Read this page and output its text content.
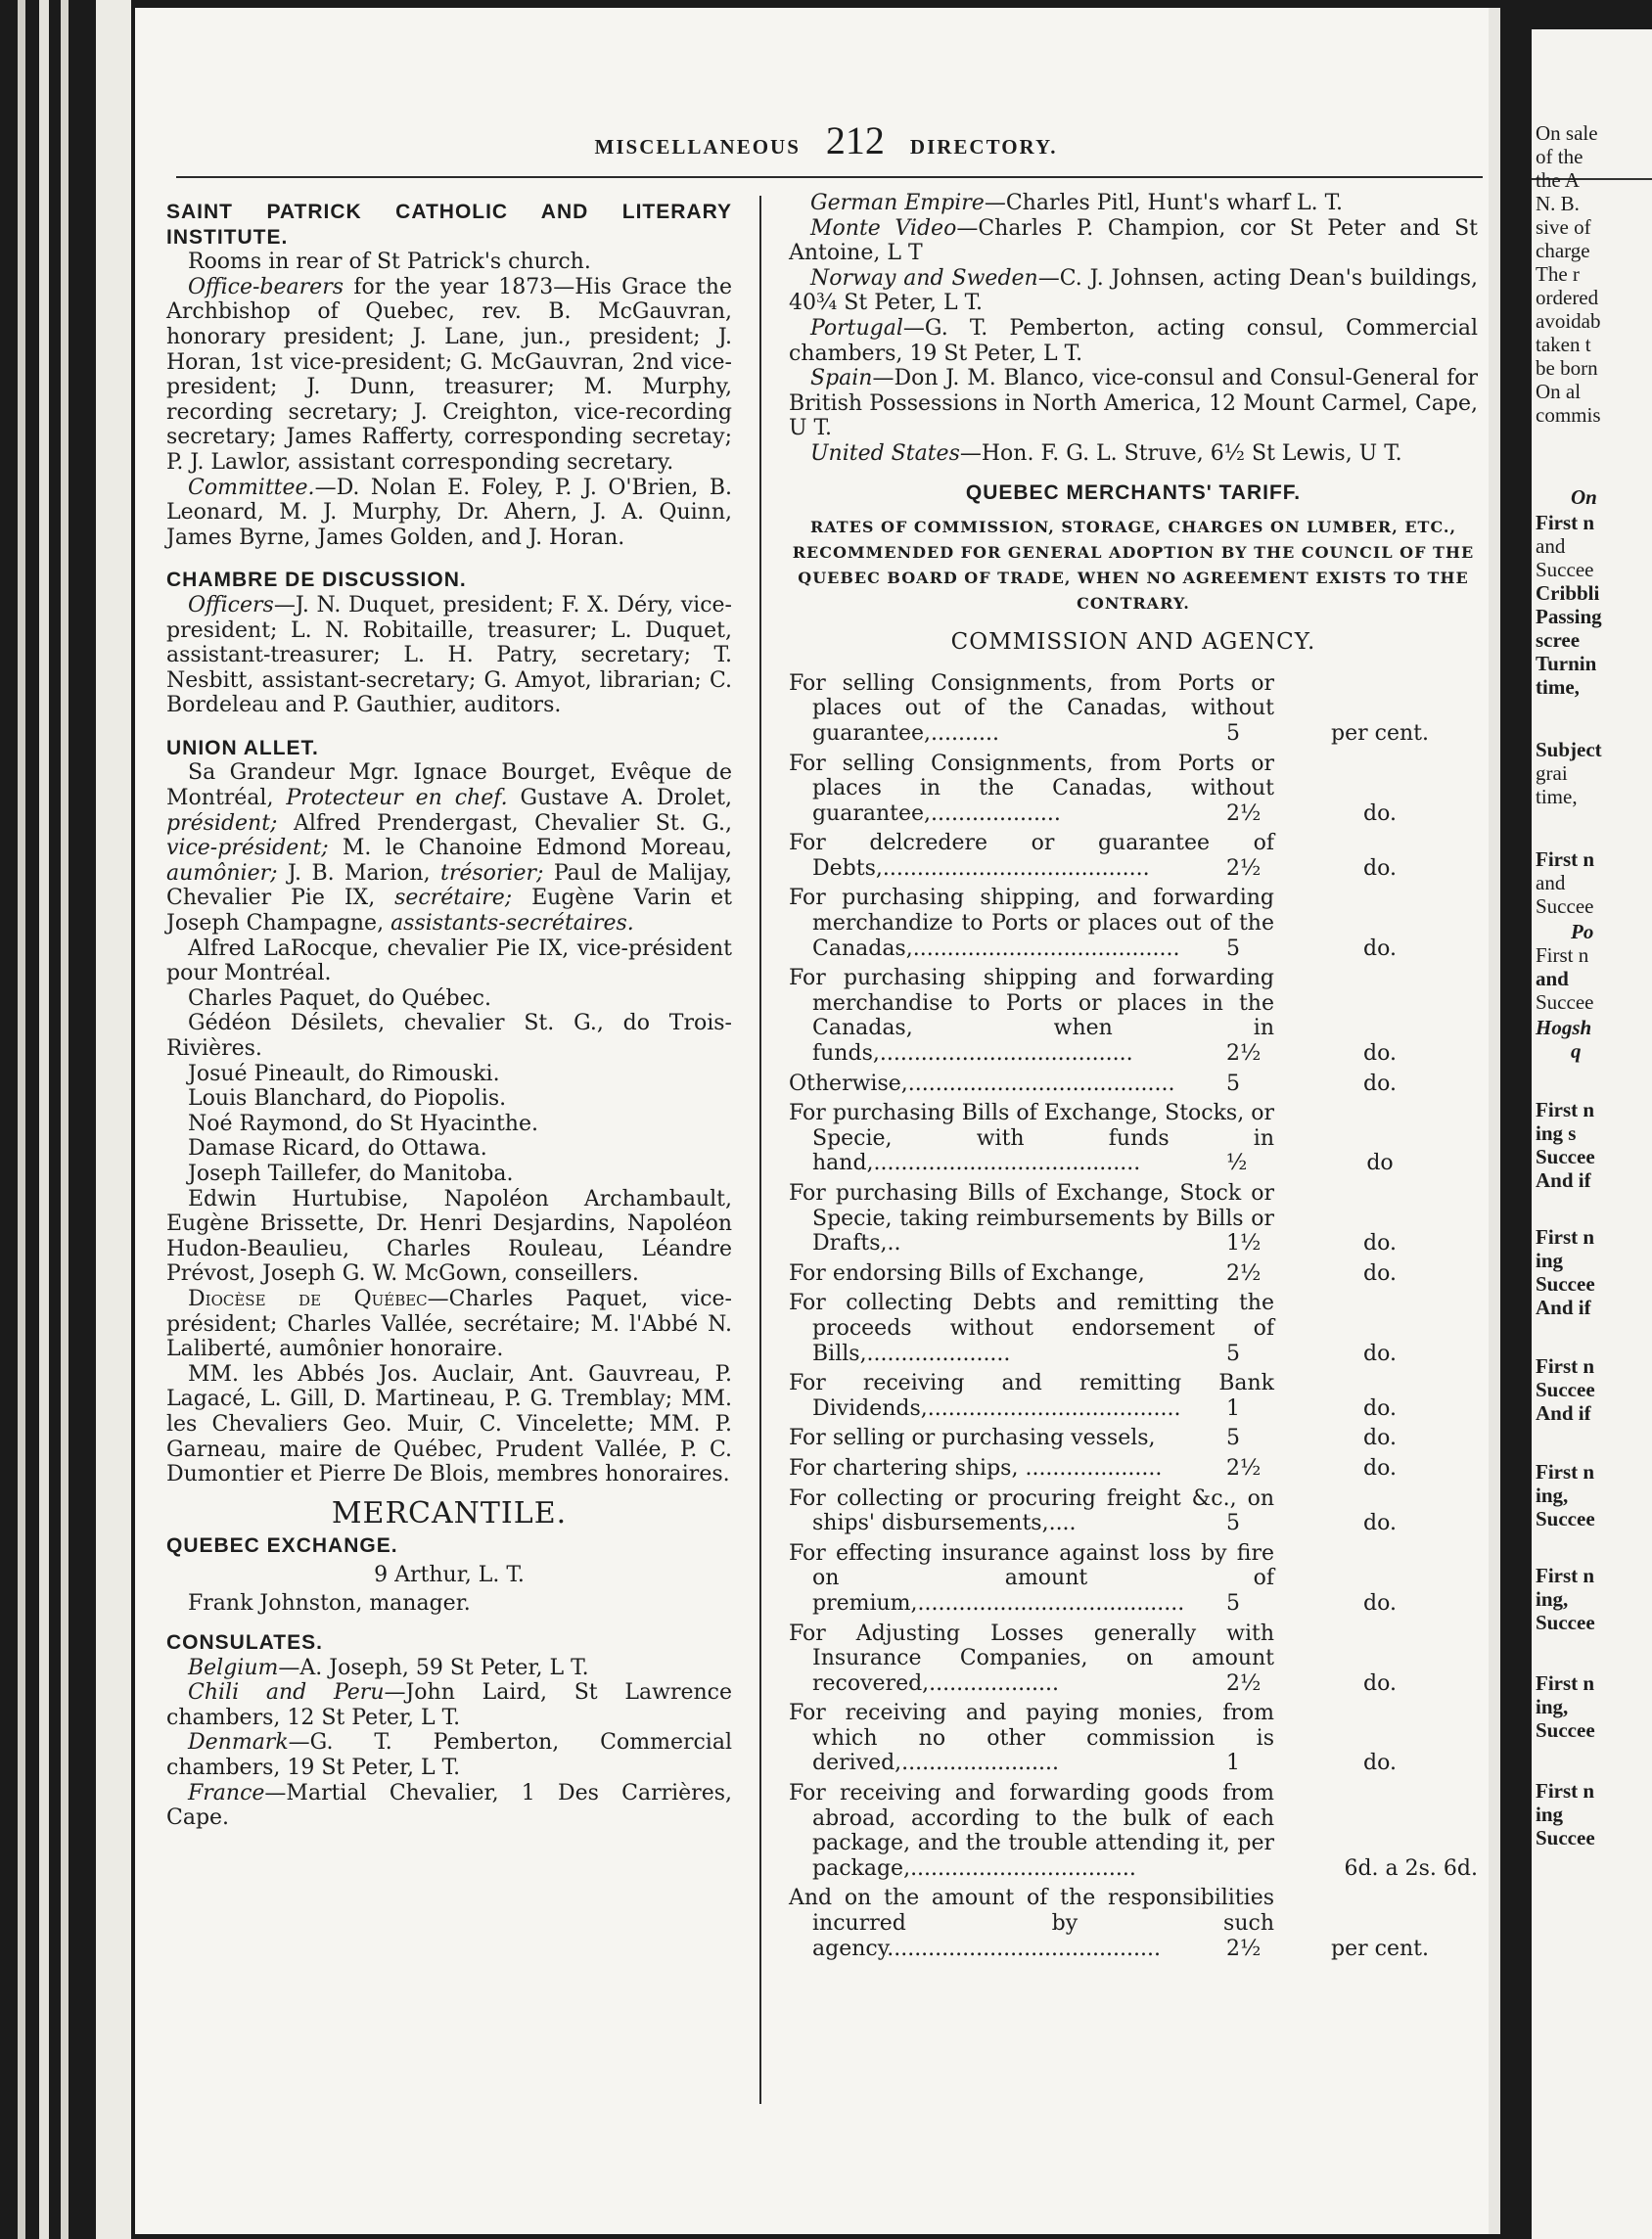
MISCELLANEOUS 212 DIRECTORY.
SAINT PATRICK CATHOLIC AND LITERARY INSTITUTE.
Rooms in rear of St Patrick's church.
Office-bearers for the year 1873—His Grace the Archbishop of Quebec, rev. B. McGauvran, honorary president; J. Lane, jun., president; J. Horan, 1st vice-president; G. McGauvran, 2nd vice-president; J. Dunn, treasurer; M. Murphy, recording secretary; J. Creighton, vice-recording secretary; James Rafferty, corresponding secretay; P. J. Lawlor, assistant corresponding secretary.
Committee.—D. Nolan E. Foley, P. J. O'Brien, B. Leonard, M. J. Murphy, Dr. Ahern, J. A. Quinn, James Byrne, James Golden, and J. Horan.
CHAMBRE DE DISCUSSION.
Officers—J. N. Duquet, president; F. X. Déry, vice-president; L. N. Robitaille, treasurer; L. Duquet, assistant-treasurer; L. H. Patry, secretary; T. Nesbitt, assistant-secretary; G. Amyot, librarian; C. Bordeleau and P. Gauthier, auditors.
UNION ALLET.
Sa Grandeur Mgr. Ignace Bourget, Evêque de Montréal, Protecteur en chef. Gustave A. Drolet, président; Alfred Prendergast, Chevalier St. G., vice-président; M. le Chanoine Edmond Moreau, aumônier; J. B. Marion, trésorier; Paul de Malijay, Chevalier Pie IX, secrétaire; Eugène Varin et Joseph Champagne, assistants-secrétaires.
Alfred LaRocque, chevalier Pie IX, vice-président pour Montréal.
Charles Paquet, do Québec.
Gédéon Désilets, chevalier St. G., do Trois-Rivières.
Josué Pineault, do Rimouski.
Louis Blanchard, do Piopolis.
Noé Raymond, do St Hyacinthe.
Damase Ricard, do Ottawa.
Joseph Taillefer, do Manitoba.
Edwin Hurtubise, Napoléon Archambault, Eugène Brissette, Dr. Henri Desjardins, Napoléon Hudon-Beaulieu, Charles Rouleau, Léandre Prévost, Joseph G. W. McGown, conseillers.
Diocèse de Québec—Charles Paquet, vice-président; Charles Vallée, secrétaire; M. l'Abbé N. Laliberté, aumônier honoraire.
MM. les Abbés Jos. Auclair, Ant. Gauvreau, P. Lagacé, L. Gill, D. Martineau, P. G. Tremblay; MM. les Chevaliers Geo. Muir, C. Vincelette; MM. P. Garneau, maire de Québec, Prudent Vallée, P. C. Dumontier et Pierre De Blois, membres honoraires.
MERCANTILE.
QUEBEC EXCHANGE.
9 Arthur, L. T.
Frank Johnston, manager.
CONSULATES.
Belgium—A. Joseph, 59 St Peter, L T.
Chili and Peru—John Laird, St Lawrence chambers, 12 St Peter, L T.
Denmark—G. T. Pemberton, Commercial chambers, 19 St Peter, L T.
France—Martial Chevalier, 1 Des Carrières, Cape.
German Empire—Charles Pitl, Hunt's wharf L. T.
Monte Video—Charles P. Champion, cor St Peter and St Antoine, L T
Norway and Sweden—C. J. Johnsen, acting Dean's buildings, 40¾ St Peter, L T.
Portugal—G. T. Pemberton, acting consul, Commercial chambers, 19 St Peter, L T.
Spain—Don J. M. Blanco, vice-consul and Consul-General for British Possessions in North America, 12 Mount Carmel, Cape, U T.
United States—Hon. F. G. L. Struve, 6½ St Lewis, U T.
QUEBEC MERCHANTS' TARIFF.
RATES OF COMMISSION, STORAGE, CHARGES ON LUMBER, ETC., RECOMMENDED FOR GENERAL ADOPTION BY THE COUNCIL OF THE QUEBEC BOARD OF TRADE, WHEN NO AGREEMENT EXISTS TO THE CONTRARY.
COMMISSION AND AGENCY.
For selling Consignments, from Ports or places out of the Canadas, without guarantee,..........	5	per cent.
For selling Consignments, from Ports or places in the Canadas, without guarantee,...................	2½	do.
For delcredere or guarantee of Debts,.......................................	2½	do.
For purchasing shipping, and forwarding merchandize to Ports or places out of the Canadas,.......................................	5	do.
For purchasing shipping and forwarding merchandise to Ports or places in the Canadas, when in funds,.....................................	2½	do.
Otherwise,.......................................	5	do.
For purchasing Bills of Exchange, Stocks, or Specie, with funds in hand,.......................................	½	do
For purchasing Bills of Exchange, Stock or Specie, taking reimbursements by Bills or Drafts,..	1½	do.
For endorsing Bills of Exchange,	2½	do.
For collecting Debts and remitting the proceeds without endorsement of Bills,.....................	5	do.
For receiving and remitting Bank Dividends,.....................................	1	do.
For selling or purchasing vessels,	5	do.
For chartering ships, ....................	2½	do.
For collecting or procuring freight &c., on ships' disbursements,....	5	do.
For effecting insurance against loss by fire on amount of premium,.......................................	5	do.
For Adjusting Losses generally with Insurance Companies, on amount recovered,...................	2½	do.
For receiving and paying monies, from which no other commission is derived,.......................	1	do.
For receiving and forwarding goods from abroad, according to the bulk of each package, and the trouble attending it, per package,.................................	6d. a 2s. 6d.
And on the amount of the responsibilities incurred by such agency........................................	2½	per cent.
On sale
of the
the A
N. B.
sive of
charge
The r
ordered
avoidab
taken t
be born
On al
commis
On
First n
and
Succee
Cribbli
Passing
scree
Turnin
time,
Subject
grai
time,
First n
and
Succee
Po
First n
and
Succee
Hogsh
q
First n
ing s
Succee
And if
First n
ing
Succee
And if
First n
Succee
And if
First n
ing,
Succee
First n
ing,
Succee
First n
ing,
Succee
First n
ing
Succee
